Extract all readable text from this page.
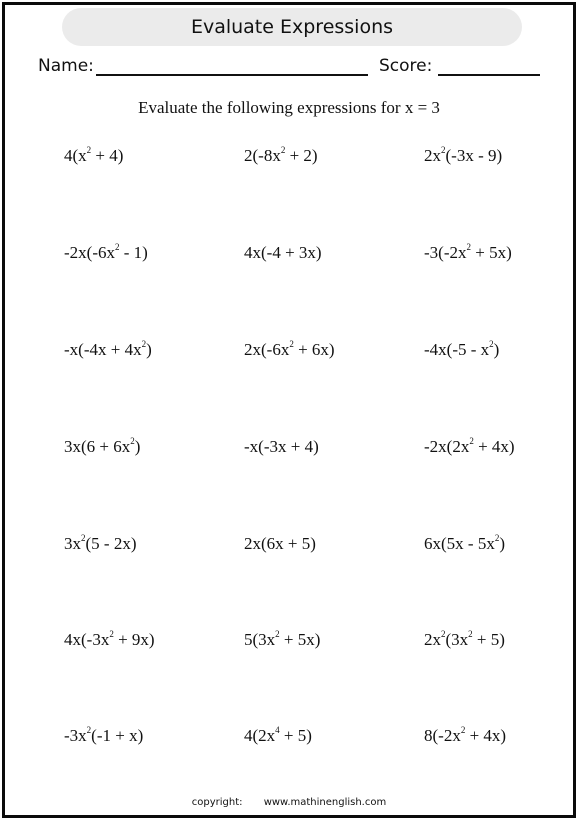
Evaluate Expressions
Name:	Score:
Evaluate the following expressions for x = 3
$4(x^2 + 4)$	$2(-8x^2 + 2)$	$2x^2(-3x - 9)$
$-2x(-6x^2 - 1)$	4x(-4 + 3x)	$-3(-2x^2 + 5x)$
$-x(-4x + 4x^2)$	$2x(-6x^2 + 6x)$	$-4x(-5 - x^2)$
$3x(6 + 6x^2)$	-x(-3x + 4)	$-2x(2x^2 + 4x)$
$3x^2(5 - 2x)$	2x(6x + 5)	$6x(5x - 5x^2)$
$4x(-3x^2 + 9x)$	$5(3x^2 + 5x)$	$2x^2(3x^2 + 5)$
$-3x^2(-1 + x)$	$4(2x^4 + 5)$	$8(-2x^2 + 4x)$
copyright: www.mathinenglish.com
